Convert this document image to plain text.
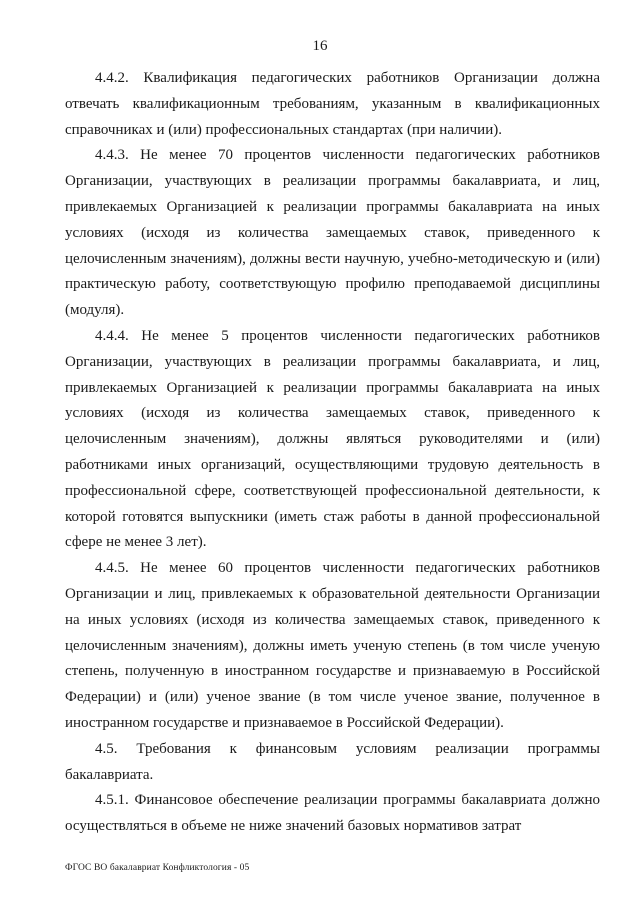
16

4.4.2. Квалификация педагогических работников Организации должна отвечать квалификационным требованиям, указанным в квалификационных справочниках и (или) профессиональных стандартах (при наличии).

4.4.3. Не менее 70 процентов численности педагогических работников Организации, участвующих в реализации программы бакалавриата, и лиц, привлекаемых Организацией к реализации программы бакалавриата на иных условиях (исходя из количества замещаемых ставок, приведенного к целочисленным значениям), должны вести научную, учебно-методическую и (или) практическую работу, соответствующую профилю преподаваемой дисциплины (модуля).

4.4.4. Не менее 5 процентов численности педагогических работников Организации, участвующих в реализации программы бакалавриата, и лиц, привлекаемых Организацией к реализации программы бакалавриата на иных условиях (исходя из количества замещаемых ставок, приведенного к целочисленным значениям), должны являться руководителями и (или) работниками иных организаций, осуществляющими трудовую деятельность в профессиональной сфере, соответствующей профессиональной деятельности, к которой готовятся выпускники (иметь стаж работы в данной профессиональной сфере не менее 3 лет).

4.4.5. Не менее 60 процентов численности педагогических работников Организации и лиц, привлекаемых к образовательной деятельности Организации на иных условиях (исходя из количества замещаемых ставок, приведенного к целочисленным значениям), должны иметь ученую степень (в том числе ученую степень, полученную в иностранном государстве и признаваемую в Российской Федерации) и (или) ученое звание (в том числе ученое звание, полученное в иностранном государстве и признаваемое в Российской Федерации).

4.5. Требования к финансовым условиям реализации программы бакалавриата.

4.5.1. Финансовое обеспечение реализации программы бакалавриата должно осуществляться в объеме не ниже значений базовых нормативов затрат

ФГОС ВО бакалавриат Конфликтология - 05
